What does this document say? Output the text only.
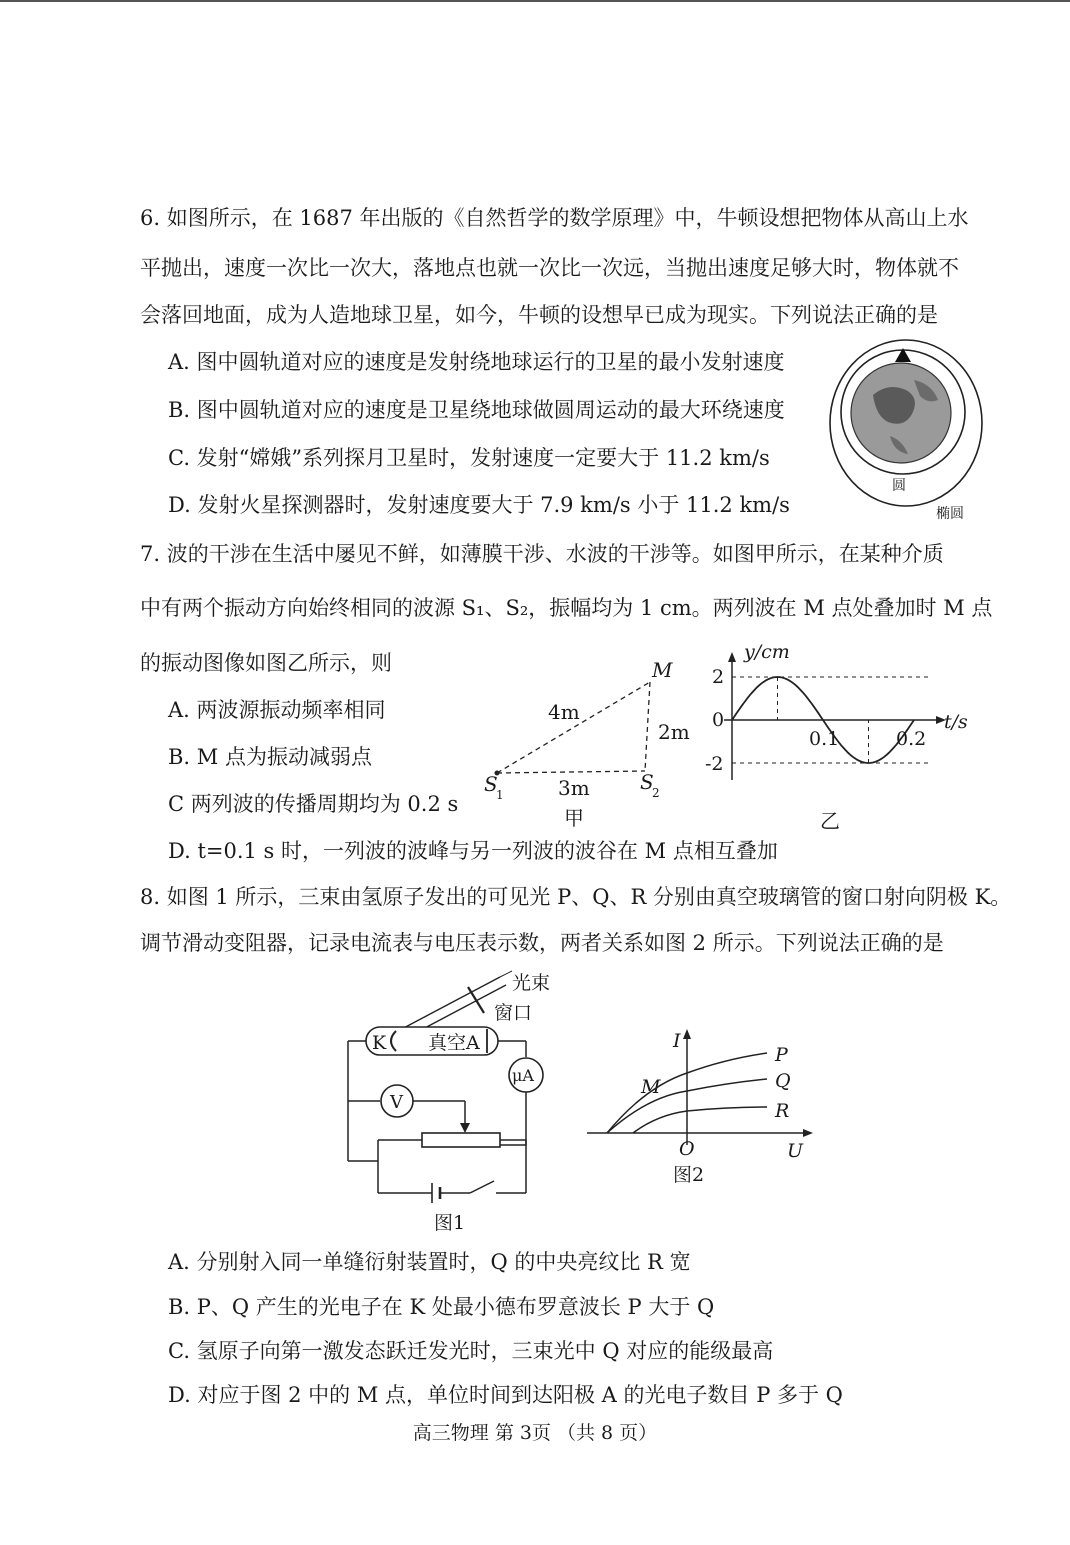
6. 如图所示，在 1687 年出版的《自然哲学的数学原理》中，牛顿设想把物体从高山上水
平抛出，速度一次比一次大，落地点也就一次比一次远，当抛出速度足够大时，物体就不
会落回地面，成为人造地球卫星，如今，牛顿的设想早已成为现实。下列说法正确的是
A. 图中圆轨道对应的速度是发射绕地球运行的卫星的最小发射速度
B. 图中圆轨道对应的速度是卫星绕地球做圆周运动的最大环绕速度
C. 发射“嫦娥”系列探月卫星时，发射速度一定要大于 11.2 km/s
D. 发射火星探测器时，发射速度要大于 7.9 km/s 小于 11.2 km/s
圆
椭圆
7. 波的干涉在生活中屡见不鲜，如薄膜干涉、水波的干涉等。如图甲所示，在某种介质
中有两个振动方向始终相同的波源 S₁、S₂，振幅均为 1 cm。两列波在 M 点处叠加时 M 点
的振动图像如图乙所示，则
A. 两波源振动频率相同
B. M 点为振动减弱点
C 两列波的传播周期均为 0.2 s
D. t=0.1 s 时，一列波的波峰与另一列波的波谷在 M 点相互叠加
M
4m
2m
S
1
S
2
3m
甲
y/cm
t/s
2
0
-2
0.1	0.2
乙
8. 如图 1 所示，三束由氢原子发出的可见光 P、Q、R 分别由真空玻璃管的窗口射向阴极 K。
调节滑动变阻器，记录电流表与电压表示数，两者关系如图 2 所示。下列说法正确的是
光束
窗口
K 真空A
μA
V
图1
I
M
P
Q
R
O	U
图2
A. 分别射入同一单缝衍射装置时，Q 的中央亮纹比 R 宽
B. P、Q 产生的光电子在 K 处最小德布罗意波长 P 大于 Q
C. 氢原子向第一激发态跃迁发光时，三束光中 Q 对应的能级最高
D. 对应于图 2 中的 M 点，单位时间到达阳极 A 的光电子数目 P 多于 Q
高三物理 第 3页 （共 8 页）
